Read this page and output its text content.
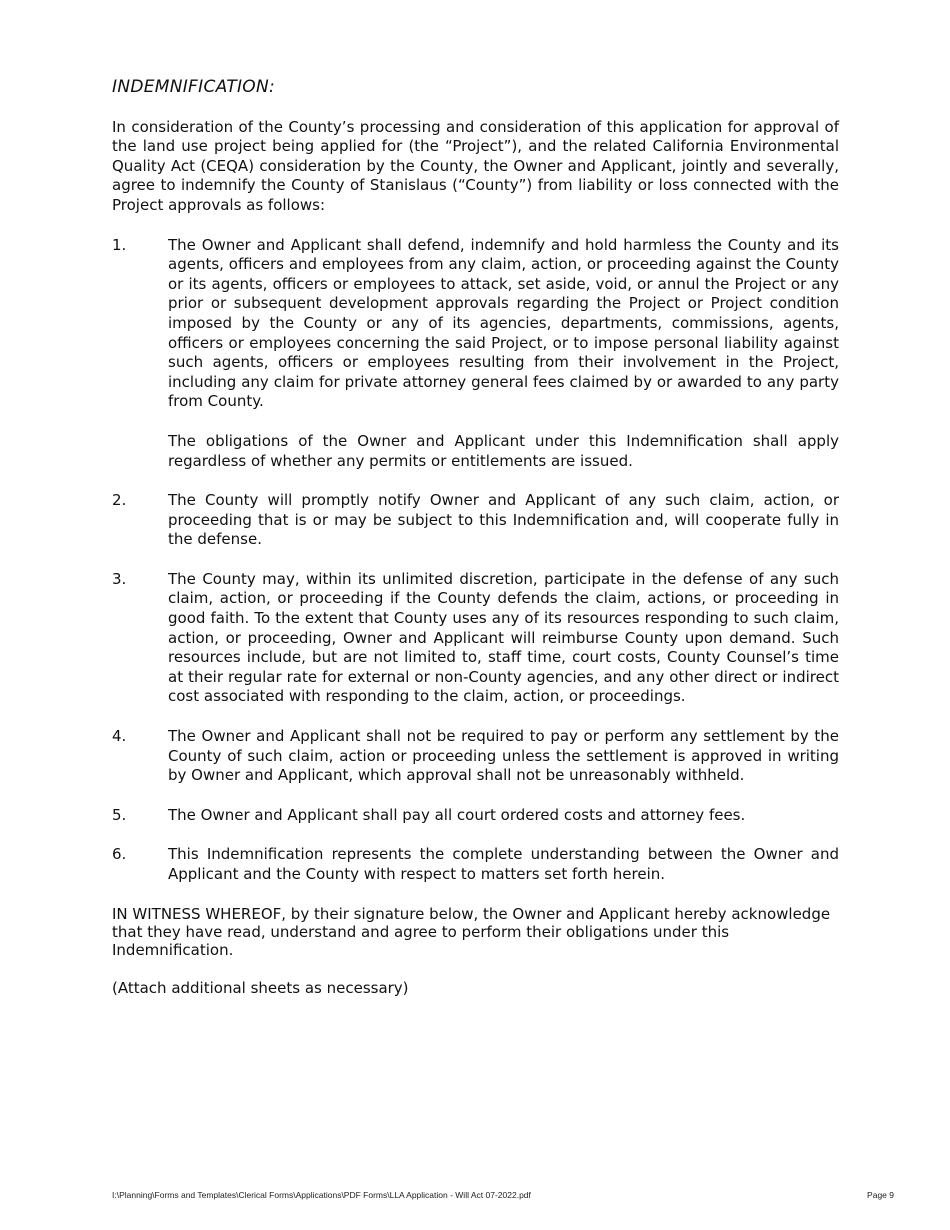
INDEMNIFICATION:

In consideration of the County’s processing and consideration of this application for approval of the land use project being applied for (the “Project”), and the related California Environmental Quality Act (CEQA) consideration by the County, the Owner and Applicant, jointly and severally, agree to indemnify the County of Stanislaus (“County”) from liability or loss connected with the Project approvals as follows:

1.	The Owner and Applicant shall defend, indemnify and hold harmless the County and its agents, officers and employees from any claim, action, or proceeding against the County or its agents, officers or employees to attack, set aside, void, or annul the Project or any prior or subsequent development approvals regarding the Project or Project condition imposed by the County or any of its agencies, departments, commissions, agents, officers or employees concerning the said Project, or to impose personal liability against such agents, officers or employees resulting from their involvement in the Project, including any claim for private attorney general fees claimed by or awarded to any party from County.

The obligations of the Owner and Applicant under this Indemnification shall apply regardless of whether any permits or entitlements are issued.

2.	The County will promptly notify Owner and Applicant of any such claim, action, or proceeding that is or may be subject to this Indemnification and, will cooperate fully in the defense.

3.	The County may, within its unlimited discretion, participate in the defense of any such claim, action, or proceeding if the County defends the claim, actions, or proceeding in good faith. To the extent that County uses any of its resources responding to such claim, action, or proceeding, Owner and Applicant will reimburse County upon demand. Such resources include, but are not limited to, staff time, court costs, County Counsel’s time at their regular rate for external or non-County agencies, and any other direct or indirect cost associated with responding to the claim, action, or proceedings.

4.	The Owner and Applicant shall not be required to pay or perform any settlement by the County of such claim, action or proceeding unless the settlement is approved in writing by Owner and Applicant, which approval shall not be unreasonably withheld.

5.	The Owner and Applicant shall pay all court ordered costs and attorney fees.

6.	This Indemnification represents the complete understanding between the Owner and Applicant and the County with respect to matters set forth herein.

IN WITNESS WHEREOF, by their signature below, the Owner and Applicant hereby acknowledge that they have read, understand and agree to perform their obligations under this Indemnification.

(Attach additional sheets as necessary)

I:\Planning\Forms and Templates\Clerical Forms\Applications\PDF Forms\LLA Application - Will Act 07-2022.pdf	Page 9
